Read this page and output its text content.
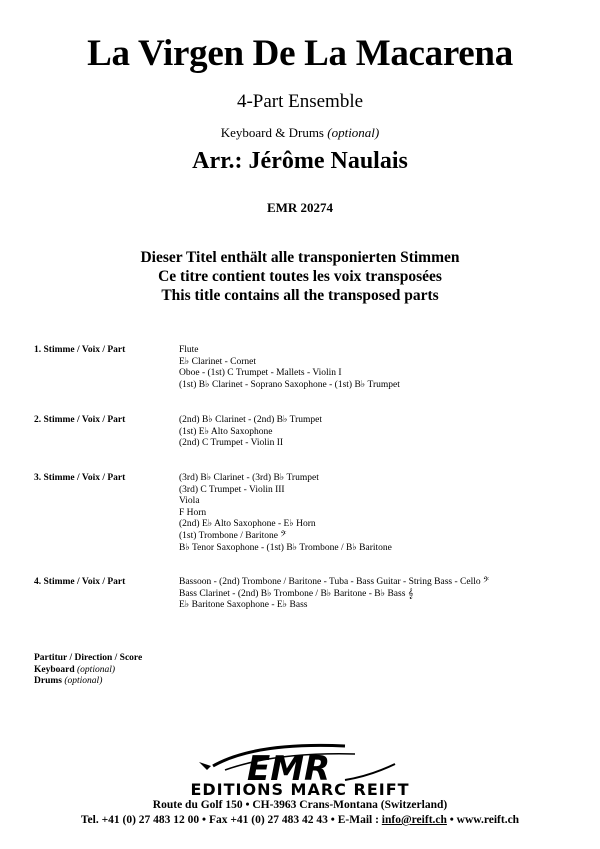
La Virgen De La Macarena
4-Part Ensemble
Keyboard & Drums (optional)
Arr.: Jérôme Naulais
EMR 20274
Dieser Titel enthält alle transponierten Stimmen
Ce titre contient toutes les voix transposées
This title contains all the transposed parts
1. Stimme / Voix / Part	Flute
E♭ Clarinet - Cornet
Oboe - (1st) C Trumpet - Mallets - Violin I
(1st) B♭ Clarinet - Soprano Saxophone - (1st) B♭ Trumpet
2. Stimme / Voix / Part	(2nd) B♭ Clarinet - (2nd) B♭ Trumpet
(1st) E♭ Alto Saxophone
(2nd) C Trumpet - Violin II
3. Stimme / Voix / Part	(3rd) B♭ Clarinet - (3rd) B♭ Trumpet
(3rd) C Trumpet - Violin III
Viola
F Horn
(2nd) E♭ Alto Saxophone - E♭ Horn
(1st) Trombone / Baritone 𝄢
B♭ Tenor Saxophone - (1st) B♭ Trombone / B♭ Baritone
4. Stimme / Voix / Part	Bassoon - (2nd) Trombone / Baritone - Tuba - Bass Guitar - String Bass - Cello 𝄢
Bass Clarinet - (2nd) B♭ Trombone / B♭ Baritone - B♭ Bass 𝄞
E♭ Baritone Saxophone - E♭ Bass
Partitur / Direction / Score
Keyboard (optional)
Drums (optional)
EMR
EDITIONS MARC REIFT
Route du Golf 150 • CH-3963 Crans-Montana (Switzerland)
Tel. +41 (0) 27 483 12 00 • Fax +41 (0) 27 483 42 43 • E-Mail : info@reift.ch • www.reift.ch
